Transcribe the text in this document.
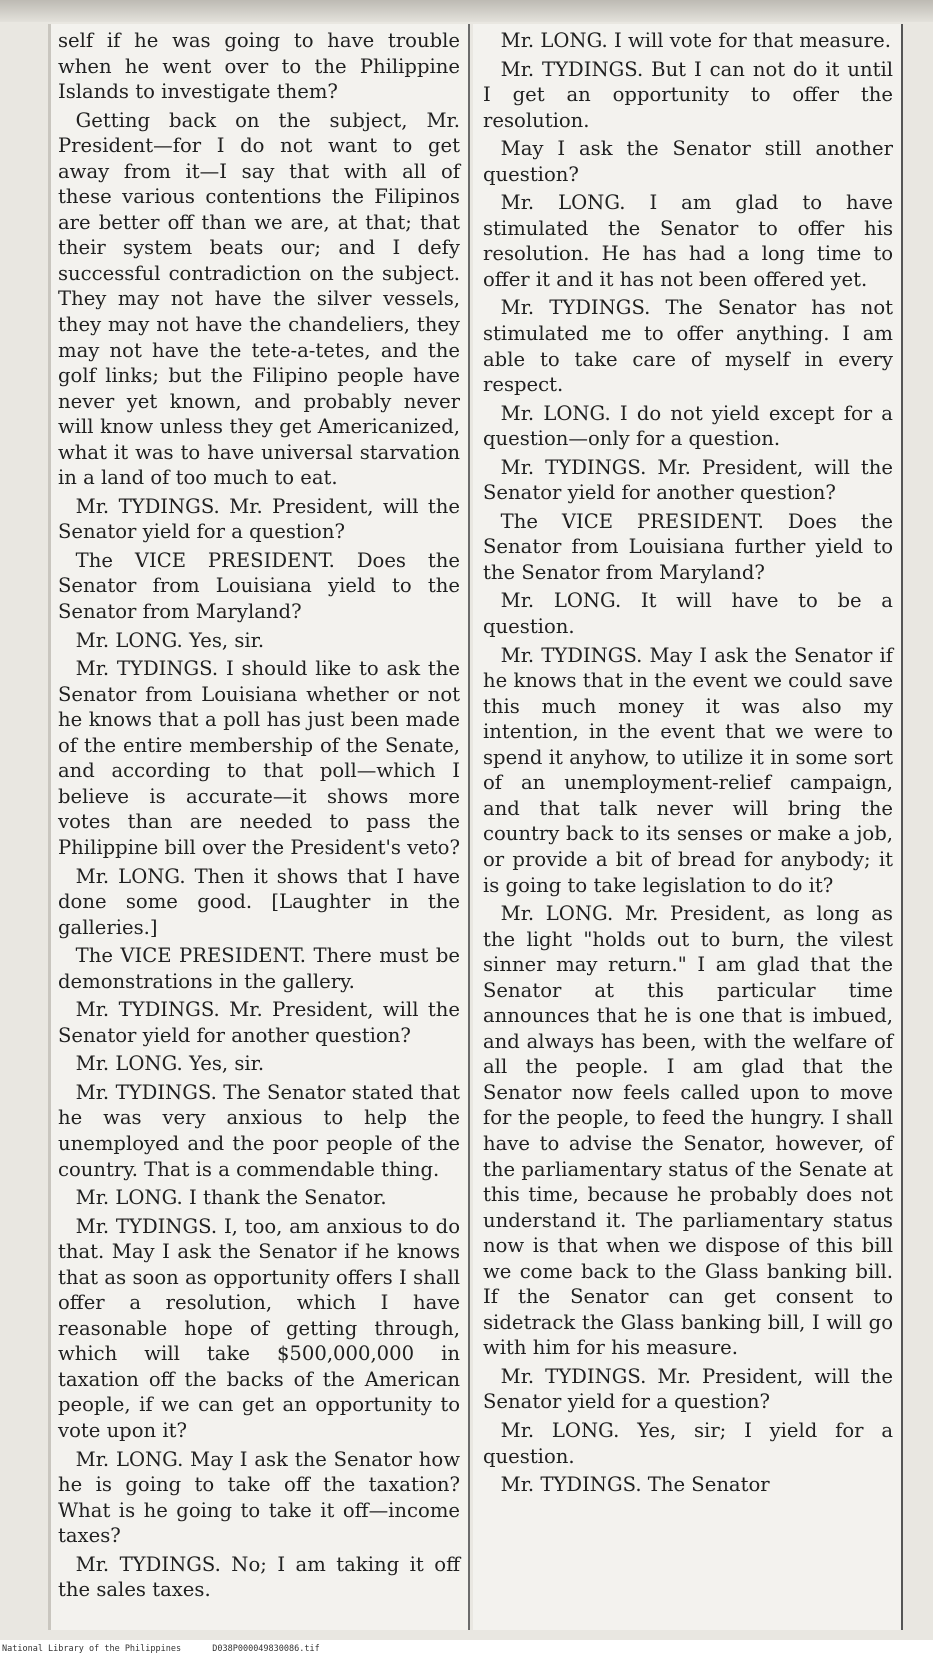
self if he was going to have trouble when he went over to the Philippine Islands to investigate them?

Getting back on the subject, Mr. President—for I do not want to get away from it—I say that with all of these various contentions the Filipinos are better off than we are, at that; that their system beats our; and I defy successful contradiction on the subject. They may not have the silver vessels, they may not have the chandeliers, they may not have the tete-a-tetes, and the golf links; but the Filipino people have never yet known, and probably never will know unless they get Americanized, what it was to have universal starvation in a land of too much to eat.

Mr. TYDINGS. Mr. President, will the Senator yield for a question?

The VICE PRESIDENT. Does the Senator from Louisiana yield to the Senator from Maryland?

Mr. LONG. Yes, sir.

Mr. TYDINGS. I should like to ask the Senator from Louisiana whether or not he knows that a poll has just been made of the entire membership of the Senate, and according to that poll—which I believe is accurate—it shows more votes than are needed to pass the Philippine bill over the President's veto?

Mr. LONG. Then it shows that I have done some good. [Laughter in the galleries.]

The VICE PRESIDENT. There must be demonstrations in the gallery.

Mr. TYDINGS. Mr. President, will the Senator yield for another question?

Mr. LONG. Yes, sir.

Mr. TYDINGS. The Senator stated that he was very anxious to help the unemployed and the poor people of the country. That is a commendable thing.

Mr. LONG. I thank the Senator.

Mr. TYDINGS. I, too, am anxious to do that. May I ask the Senator if he knows that as soon as opportunity offers I shall offer a resolution, which I have reasonable hope of getting through, which will take $500,000,000 in taxation off the backs of the American people, if we can get an opportunity to vote upon it?

Mr. LONG. May I ask the Senator how he is going to take off the taxation? What is he going to take it off—income taxes?

Mr. TYDINGS. No; I am taking it off the sales taxes.

Mr. LONG. I will vote for that measure.

Mr. TYDINGS. But I can not do it until I get an opportunity to offer the resolution.

May I ask the Senator still another question?

Mr. LONG. I am glad to have stimulated the Senator to offer his resolution. He has had a long time to offer it and it has not been offered yet.

Mr. TYDINGS. The Senator has not stimulated me to offer anything. I am able to take care of myself in every respect.

Mr. LONG. I do not yield except for a question—only for a question.

Mr. TYDINGS. Mr. President, will the Senator yield for another question?

The VICE PRESIDENT. Does the Senator from Louisiana further yield to the Senator from Maryland?

Mr. LONG. It will have to be a question.

Mr. TYDINGS. May I ask the Senator if he knows that in the event we could save this much money it was also my intention, in the event that we were to spend it anyhow, to utilize it in some sort of an unemployment-relief campaign, and that talk never will bring the country back to its senses or make a job, or provide a bit of bread for anybody; it is going to take legislation to do it?

Mr. LONG. Mr. President, as long as the light "holds out to burn, the vilest sinner may return." I am glad that the Senator at this particular time announces that he is one that is imbued, and always has been, with the welfare of all the people. I am glad that the Senator now feels called upon to move for the people, to feed the hungry. I shall have to advise the Senator, however, of the parliamentary status of the Senate at this time, because he probably does not understand it. The parliamentary status now is that when we dispose of this bill we come back to the Glass banking bill. If the Senator can get consent to sidetrack the Glass banking bill, I will go with him for his measure.

Mr. TYDINGS. Mr. President, will the Senator yield for a question?

Mr. LONG. Yes, sir; I yield for a question.

Mr. TYDINGS. The Senator

National Library of the Philippines	D038P000049830086.tif
